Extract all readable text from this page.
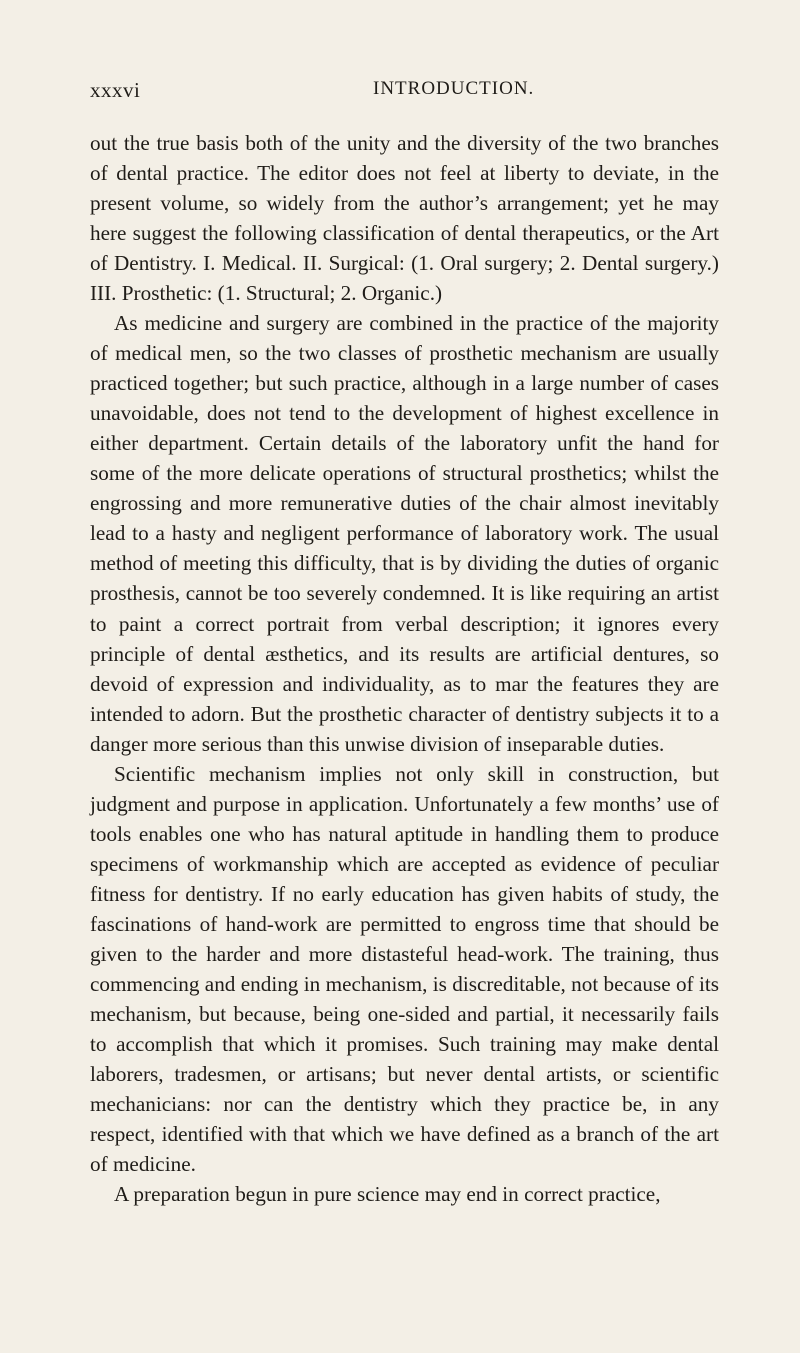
xxxvi	INTRODUCTION.

out the true basis both of the unity and the diversity of the two branches of dental practice. The editor does not feel at liberty to deviate, in the present volume, so widely from the author’s arrangement; yet he may here suggest the following classification of dental therapeutics, or the Art of Dentistry. I. Medical. II. Surgical: (1. Oral surgery; 2. Dental surgery.) III. Prosthetic: (1. Structural; 2. Organic.)

As medicine and surgery are combined in the practice of the majority of medical men, so the two classes of prosthetic mechanism are usually practiced together; but such practice, although in a large number of cases unavoidable, does not tend to the development of highest excellence in either department. Certain details of the laboratory unfit the hand for some of the more delicate operations of structural prosthetics; whilst the engrossing and more remunerative duties of the chair almost inevitably lead to a hasty and negligent performance of laboratory work. The usual method of meeting this difficulty, that is by dividing the duties of organic prosthesis, cannot be too severely condemned. It is like requiring an artist to paint a correct portrait from verbal description; it ignores every principle of dental æsthetics, and its results are artificial dentures, so devoid of expression and individuality, as to mar the features they are intended to adorn. But the prosthetic character of dentistry subjects it to a danger more serious than this unwise division of inseparable duties.

Scientific mechanism implies not only skill in construction, but judgment and purpose in application. Unfortunately a few months’ use of tools enables one who has natural aptitude in handling them to produce specimens of workmanship which are accepted as evidence of peculiar fitness for dentistry. If no early education has given habits of study, the fascinations of hand-work are permitted to engross time that should be given to the harder and more distasteful head-work. The training, thus commencing and ending in mechanism, is discreditable, not because of its mechanism, but because, being one-sided and partial, it necessarily fails to accomplish that which it promises. Such training may make dental laborers, tradesmen, or artisans; but never dental artists, or scientific mechanicians: nor can the dentistry which they practice be, in any respect, identified with that which we have defined as a branch of the art of medicine.

A preparation begun in pure science may end in correct practice,
